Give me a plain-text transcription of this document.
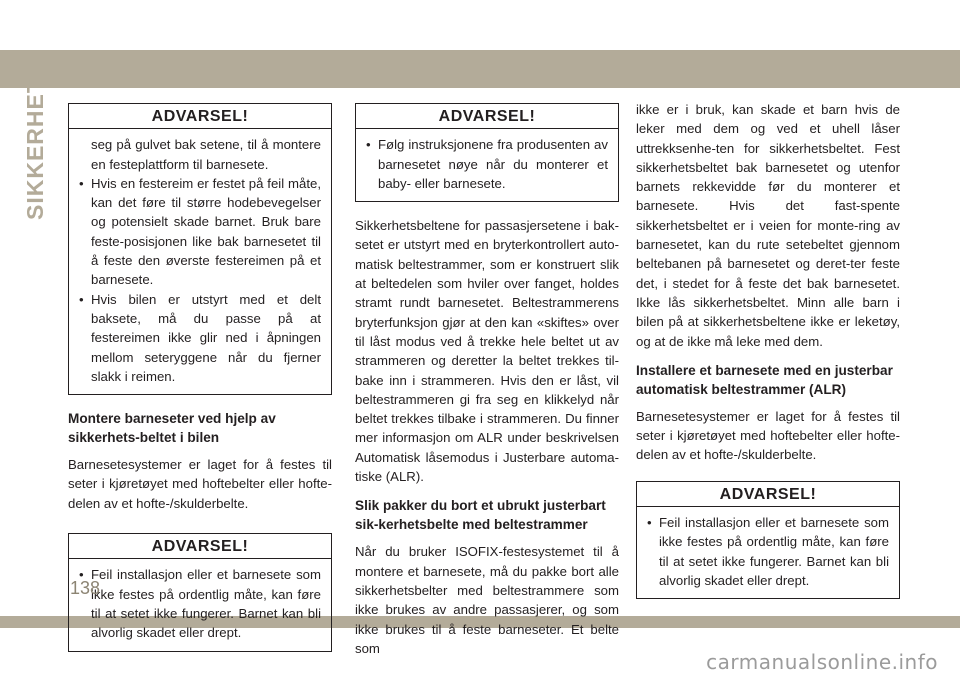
SIKKERHET	ADVARSEL!
seg på gulvet bak setene, til å montere en festeplattform til barnesete.
• Hvis en festereim er festet på feil måte, kan det føre til større hodebevegelser og potensielt skade barnet. Bruk bare feste-posisjonen like bak barnesetet til å feste den øverste festereimen på et barnesete.
• Hvis bilen er utstyrt med et delt baksete, må du passe på at festereimen ikke glir ned i åpningen mellom seteryggene når du fjerner slakk i reimen.
Montere barneseter ved hjelp av sikkerhets-beltet i bilen

Barnesetesystemer er laget for å festes til seter i kjøretøyet med hoftebelter eller hofte-delen av et hofte-/skulderbelte.

ADVARSEL!
• Feil installasjon eller et barnesete som ikke festes på ordentlig måte, kan føre til at setet ikke fungerer. Barnet kan bli alvorlig skadet eller drept.
ADVARSEL!
• Følg instruksjonene fra produsenten av barnesetet nøye når du monterer et baby- eller barnesete.

Sikkerhetsbeltene for passasjersetene i bak-setet er utstyrt med en bryterkontrollert auto-matisk beltestrammer, som er konstruert slik at beltedelen som hviler over fanget, holdes stramt rundt barnesetet. Beltestrammerens bryterfunksjon gjør at den kan «skiftes» over til låst modus ved å trekke hele beltet ut av strammeren og deretter la beltet trekkes til-bake inn i strammeren. Hvis den er låst, vil beltestrammeren gi fra seg en klikkelyd når beltet trekkes tilbake i strammeren. Du finner mer informasjon om ALR under beskrivelsen Automatisk låsemodus i Justerbare automa-tiske (ALR).

Slik pakker du bort et ubrukt justerbart sik-kerhetsbelte med beltestrammer

Når du bruker ISOFIX-festesystemet til å montere et barnesete, må du pakke bort alle sikkerhetsbelter med beltestrammere som ikke brukes av andre passasjerer, og som ikke brukes til å feste barneseter. Et belte som

ikke er i bruk, kan skade et barn hvis de leker med dem og ved et uhell låser uttrekksenhe-ten for sikkerhetsbeltet. Fest sikkerhetsbeltet bak barnesetet og utenfor barnets rekkevidde før du monterer et barnesete. Hvis det fast-spente sikkerhetsbeltet er i veien for monte-ring av barnesetet, kan du rute setebeltet gjennom beltebanen på barnesetet og deret-ter feste det, i stedet for å feste det bak barnesetet. Ikke lås sikkerhetsbeltet. Minn alle barn i bilen på at sikkerhetsbeltene ikke er leketøy, og at de ikke må leke med dem.

Installere et barnesete med en justerbar automatisk beltestrammer (ALR)

Barnesetesystemer er laget for å festes til seter i kjøretøyet med hoftebelter eller hofte-delen av et hofte-/skulderbelte.

ADVARSEL!
• Feil installasjon eller et barnesete som ikke festes på ordentlig måte, kan føre til at setet ikke fungerer. Barnet kan bli alvorlig skadet eller drept.
138
carmanualsonline.info
